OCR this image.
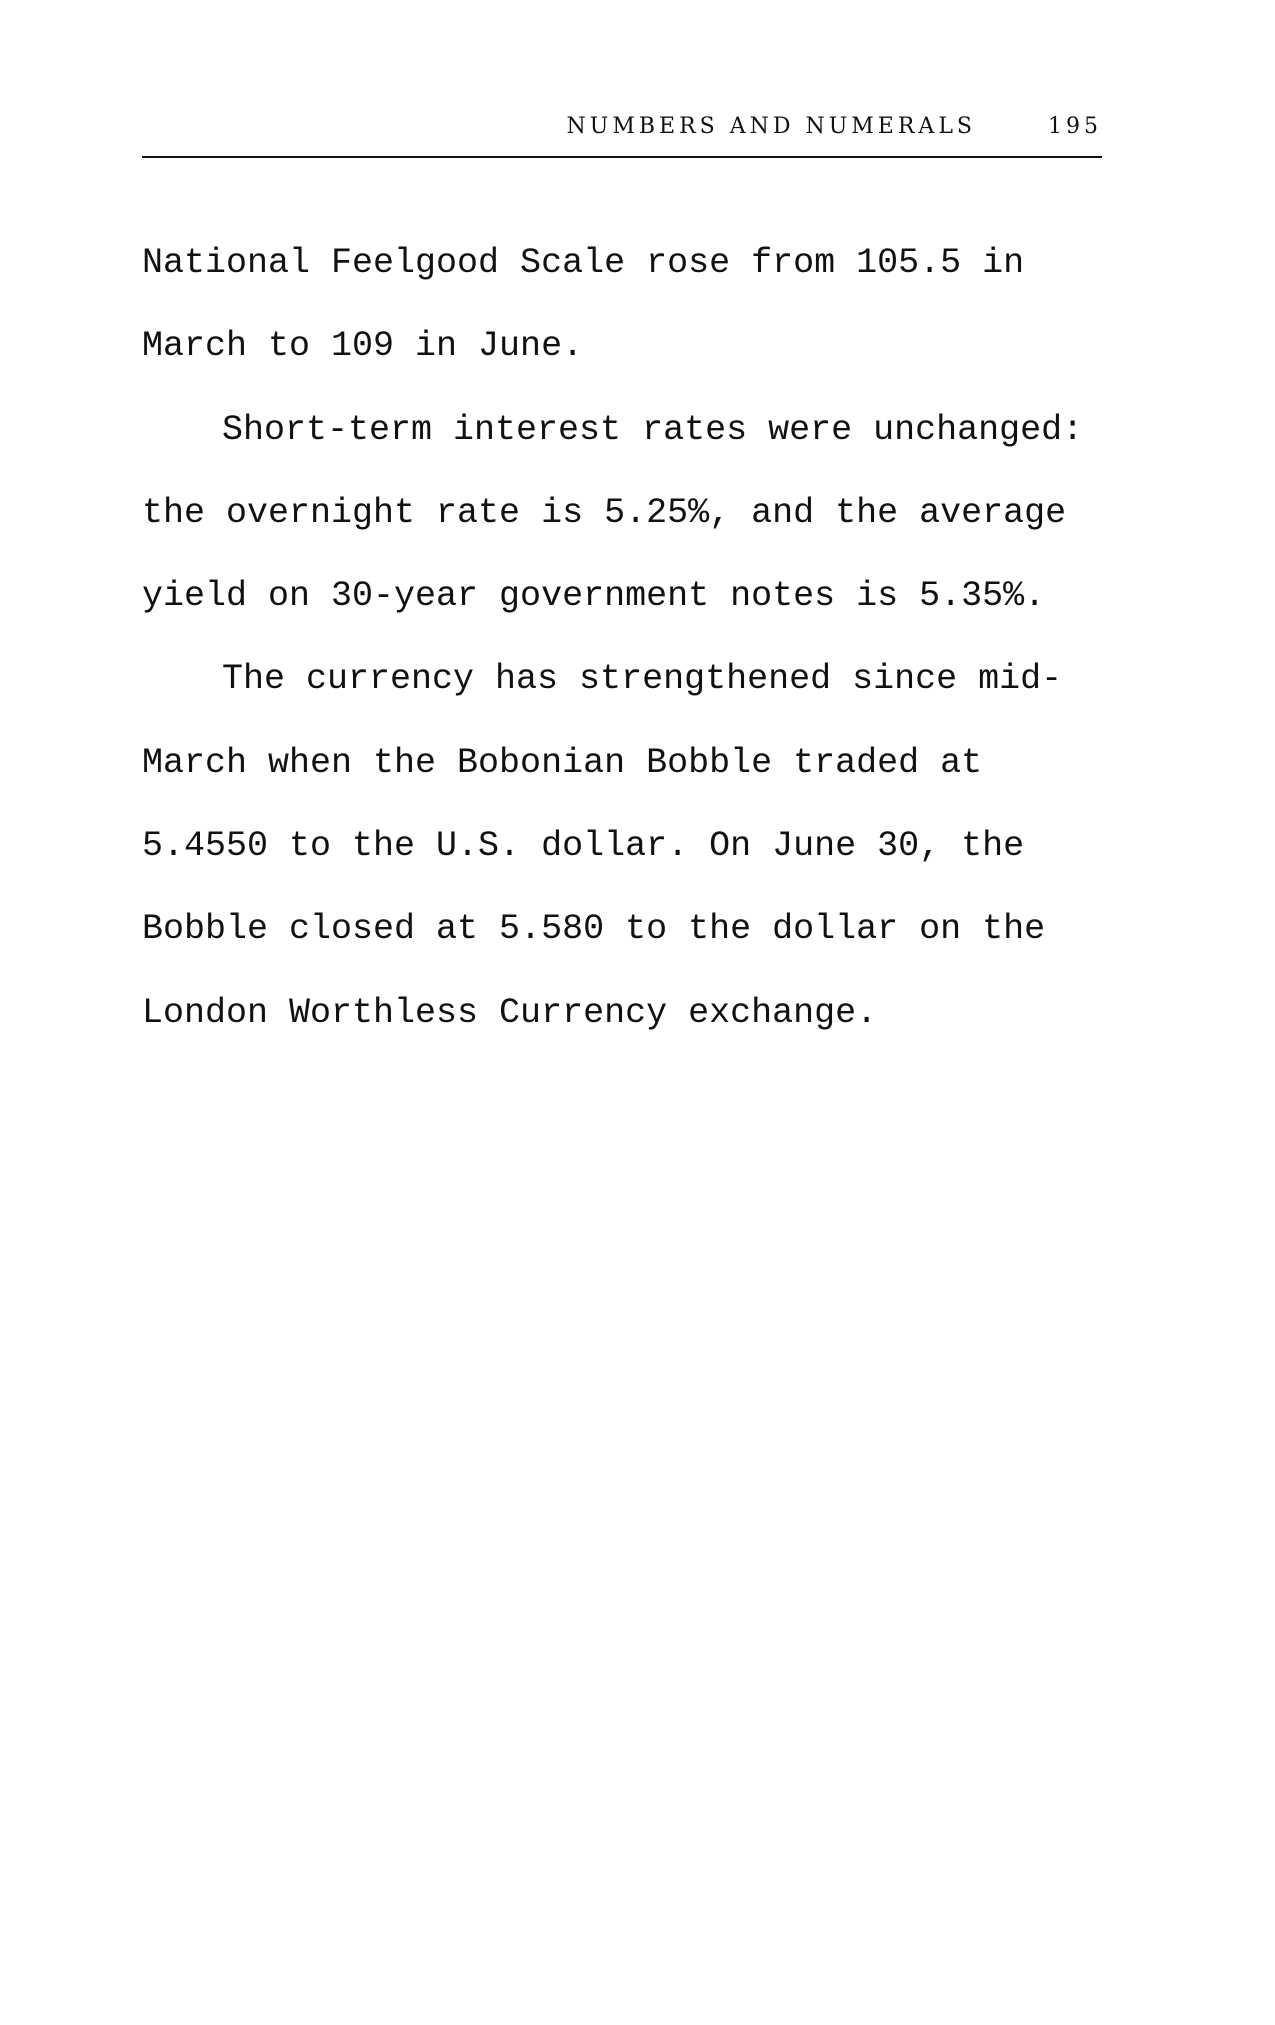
NUMBERS AND NUMERALS	195
National Feelgood Scale rose from 105.5 in
March to 109 in June.
Short-term interest rates were unchanged:
the overnight rate is 5.25%, and the average
yield on 30-year government notes is 5.35%.
The currency has strengthened since mid-
March when the Bobonian Bobble traded at
5.4550 to the U.S. dollar. On June 30, the
Bobble closed at 5.580 to the dollar on the
London Worthless Currency exchange.
